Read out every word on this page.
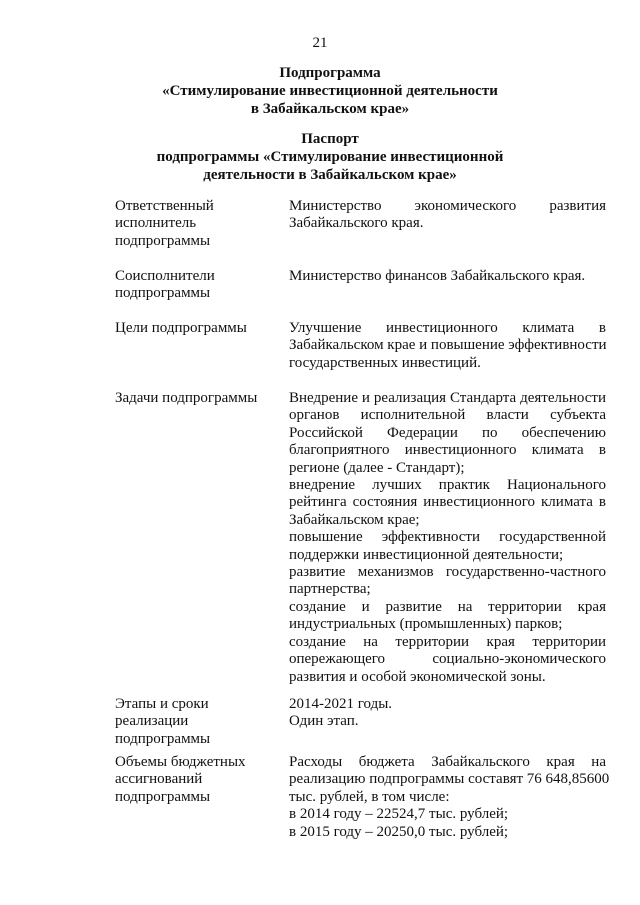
21
Подпрограмма
«Стимулирование инвестиционной деятельности
в Забайкальском крае»
Паспорт
подпрограммы «Стимулирование инвестиционной
деятельности в Забайкальском крае»
Ответственный
исполнитель
подпрограммы
Министерство экономического развития
Забайкальского края.
Соисполнители
подпрограммы
Министерство финансов Забайкальского края.
Цели подпрограммы	Улучшение инвестиционного климата в
Забайкальском крае и повышение эффективности
государственных инвестиций.
Задачи подпрограммы	Внедрение и реализация Стандарта деятельности
органов исполнительной власти субъекта
Российской Федерации по обеспечению
благоприятного инвестиционного климата в
регионе (далее - Стандарт);
внедрение лучших практик Национального
рейтинга состояния инвестиционного климата в
Забайкальском крае;
повышение эффективности государственной
поддержки инвестиционной деятельности;
развитие механизмов государственно-частного
партнерства;
создание и развитие на территории края
индустриальных (промышленных) парков;
создание на территории края территории
опережающего социально-экономического
развития и особой экономической зоны.
Этапы и сроки
реализации
подпрограммы
2014-2021 годы.
Один этап.
Объемы бюджетных
ассигнований
подпрограммы
Расходы бюджета Забайкальского края на
реализацию подпрограммы составят 76 648,85600
тыс. рублей, в том числе:
в 2014 году – 22524,7 тыс. рублей;
в 2015 году – 20250,0 тыс. рублей;
